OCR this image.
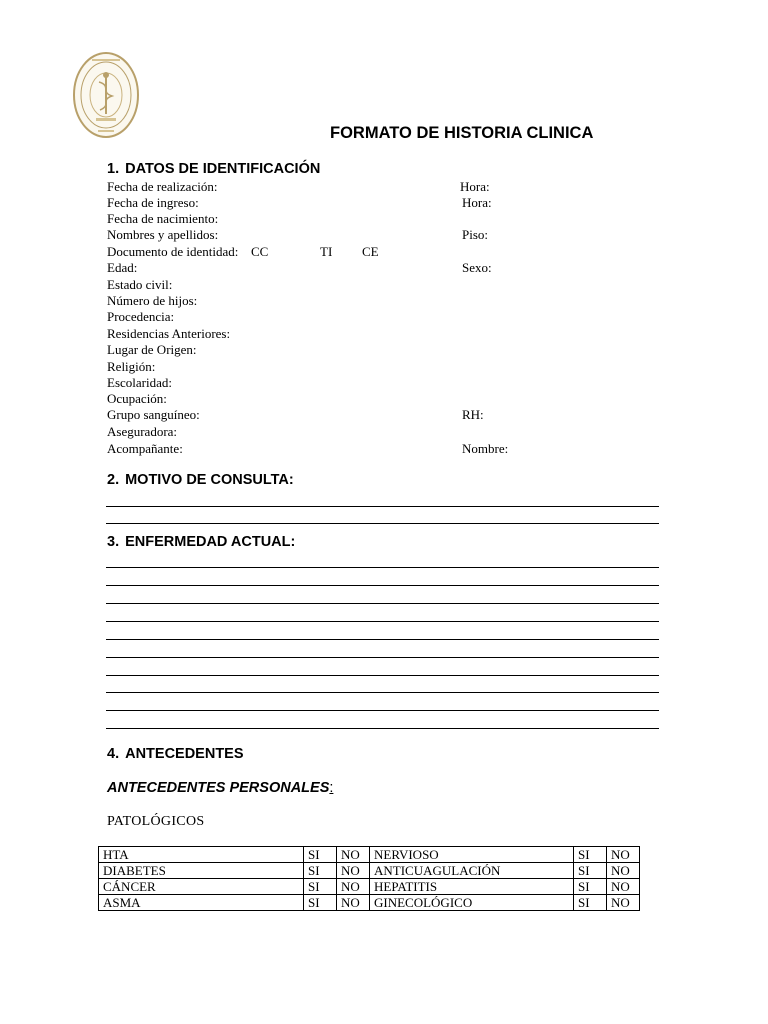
FORMATO DE HISTORIA CLINICA
1. DATOS DE IDENTIFICACIÓN
Fecha de realización:	Hora:
Fecha de ingreso:	Hora:
Fecha de nacimiento:
Nombres y apellidos:	Piso:
Documento de identidad: CC	TI CE
Edad:	Sexo:
Estado civil:
Número de hijos:
Procedencia:
Residencias Anteriores:
Lugar de Origen:
Religión:
Escolaridad:
Ocupación:
Grupo sanguíneo:	RH:
Aseguradora:
Acompañante:	Nombre:
2. MOTIVO DE CONSULTA:
3. ENFERMEDAD ACTUAL:
4. ANTECEDENTES
ANTECEDENTES PERSONALES:
PATOLÓGICOS
HTA	SI	NO	NERVIOSO	SI	NO
DIABETES	SI	NO	ANTICUAGULACIÓN	SI	NO
CÁNCER	SI	NO	HEPATITIS	SI	NO
ASMA	SI	NO	GINECOLÓGICO	SI	NO
